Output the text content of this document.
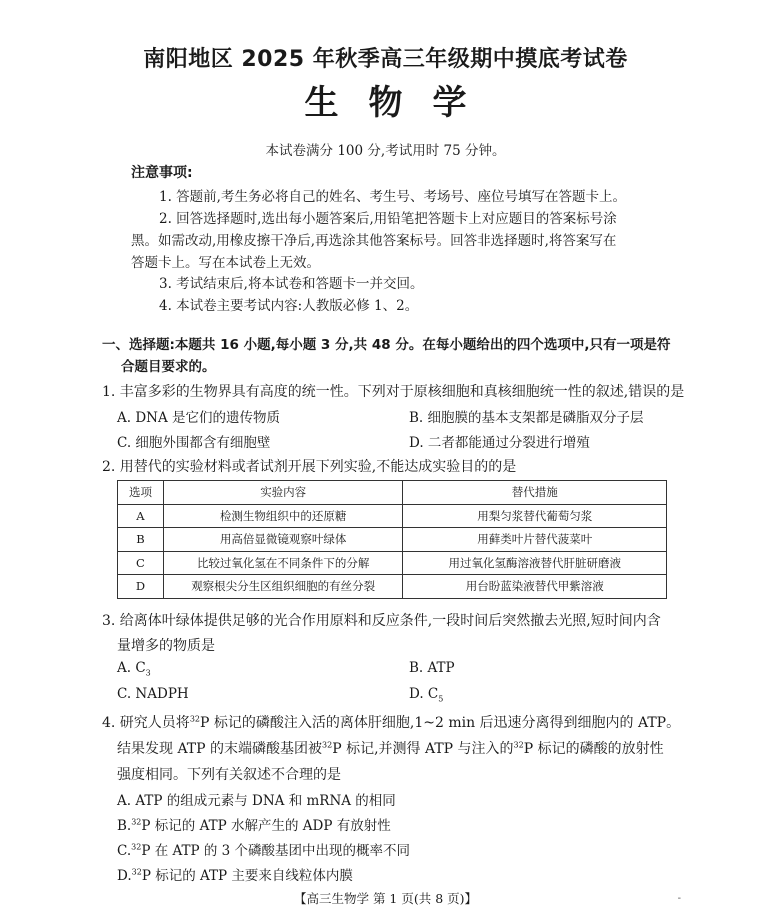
南阳地区 2025 年秋季高三年级期中摸底考试卷
生物学
本试卷满分 100 分,考试用时 75 分钟。
注意事项:
1. 答题前,考生务必将自己的姓名、考生号、考场号、座位号填写在答题卡上。
2. 回答选择题时,选出每小题答案后,用铅笔把答题卡上对应题目的答案标号涂
黑。如需改动,用橡皮擦干净后,再选涂其他答案标号。回答非选择题时,将答案写在
答题卡上。写在本试卷上无效。
3. 考试结束后,将本试卷和答题卡一并交回。
4. 本试卷主要考试内容:人教版必修 1、2。
一、选择题:本题共 16 小题,每小题 3 分,共 48 分。在每小题给出的四个选项中,只有一项是符
合题目要求的。
1. 丰富多彩的生物界具有高度的统一性。下列对于原核细胞和真核细胞统一性的叙述,错误的是
A. DNA 是它们的遗传物质	B. 细胞膜的基本支架都是磷脂双分子层
C. 细胞外围都含有细胞壁	D. 二者都能通过分裂进行增殖
2. 用替代的实验材料或者试剂开展下列实验,不能达成实验目的的是
选项	实验内容	替代措施
A	检测生物组织中的还原糖	用梨匀浆替代葡萄匀浆
B	用高倍显微镜观察叶绿体	用藓类叶片替代菠菜叶
C	比较过氧化氢在不同条件下的分解	用过氧化氢酶溶液替代肝脏研磨液
D	观察根尖分生区组织细胞的有丝分裂	用台盼蓝染液替代甲紫溶液
3. 给离体叶绿体提供足够的光合作用原料和反应条件,一段时间后突然撤去光照,短时间内含
量增多的物质是
A. $C_3$	B. ATP
C. NADPH	D. $C_5$
4. 研究人员将$^{32}$P 标记的磷酸注入活的离体肝细胞,1~2 min 后迅速分离得到细胞内的 ATP。
结果发现 ATP 的末端磷酸基团被$^{32}$P 标记,并测得 ATP 与注入的$^{32}$P 标记的磷酸的放射性
强度相同。下列有关叙述不合理的是
A. ATP 的组成元素与 DNA 和 mRNA 的相同
B.$^{32}$P 标记的 ATP 水解产生的 ADP 有放射性
C.$^{32}$P 在 ATP 的 3 个磷酸基团中出现的概率不同
D.$^{32}$P 标记的 ATP 主要来自线粒体内膜
【高三生物学 第 1 页(共 8 页)】	-
